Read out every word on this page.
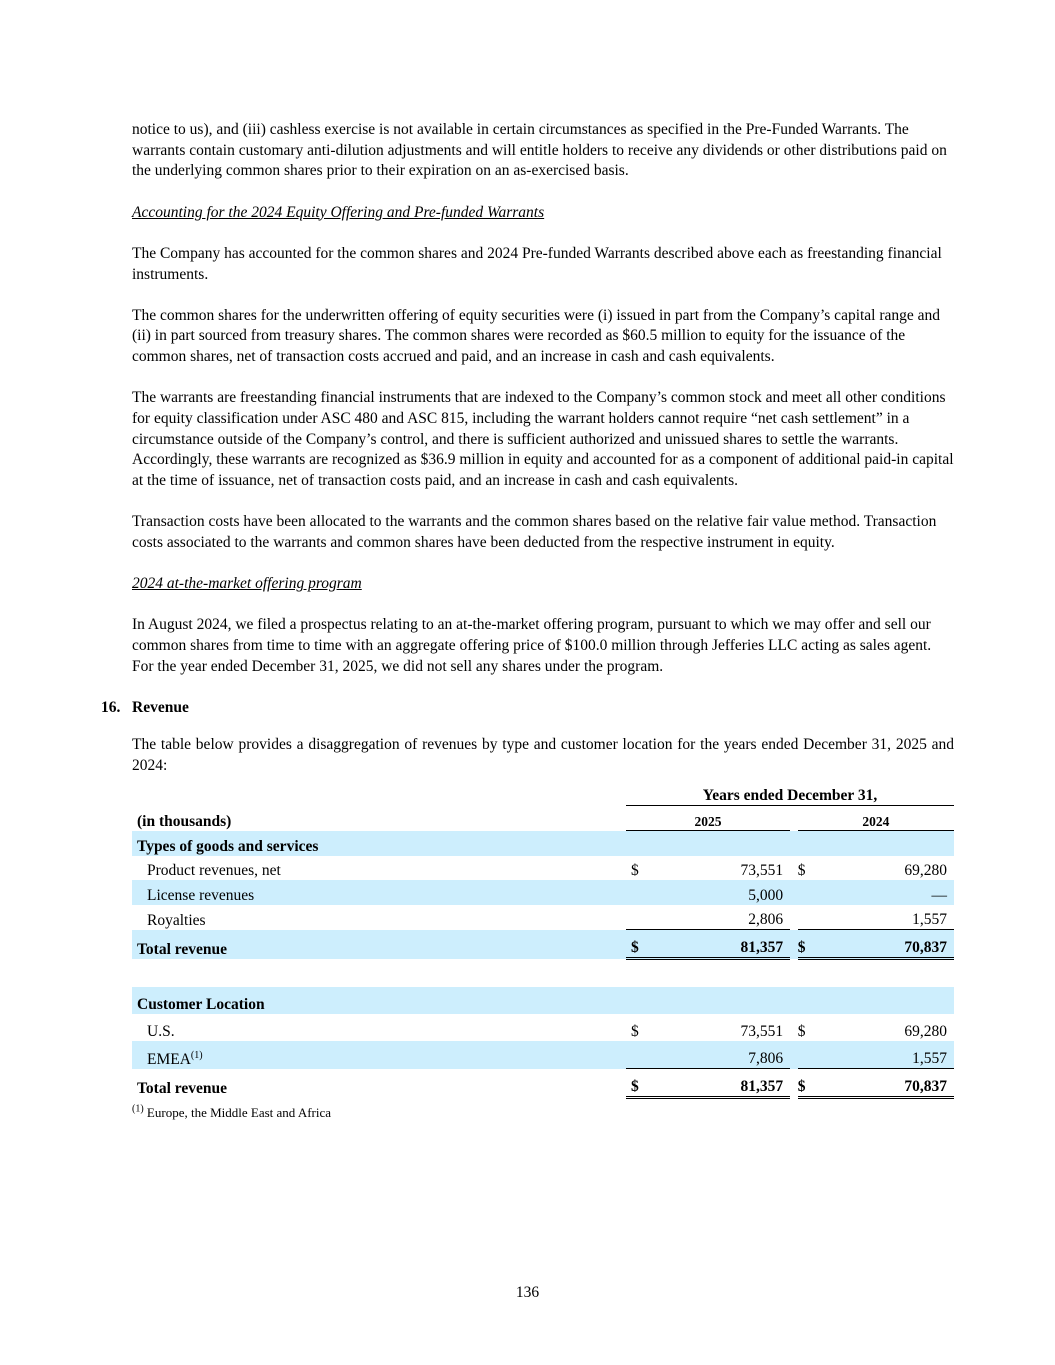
notice to us), and (iii) cashless exercise is not available in certain circumstances as specified in the Pre-Funded Warrants. The warrants contain customary anti-dilution adjustments and will entitle holders to receive any dividends or other distributions paid on the underlying common shares prior to their expiration on an as-exercised basis.

Accounting for the 2024 Equity Offering and Pre-funded Warrants

The Company has accounted for the common shares and 2024 Pre-funded Warrants described above each as freestanding financial instruments.

The common shares for the underwritten offering of equity securities were (i) issued in part from the Company’s capital range and (ii) in part sourced from treasury shares. The common shares were recorded as $60.5 million to equity for the issuance of the common shares, net of transaction costs accrued and paid, and an increase in cash and cash equivalents.

The warrants are freestanding financial instruments that are indexed to the Company’s common stock and meet all other conditions for equity classification under ASC 480 and ASC 815, including the warrant holders cannot require “net cash settlement” in a circumstance outside of the Company’s control, and there is sufficient authorized and unissued shares to settle the warrants. Accordingly, these warrants are recognized as $36.9 million in equity and accounted for as a component of additional paid-in capital at the time of issuance, net of transaction costs paid, and an increase in cash and cash equivalents.

Transaction costs have been allocated to the warrants and the common shares based on the relative fair value method. Transaction costs associated to the warrants and common shares have been deducted from the respective instrument in equity.

2024 at-the-market offering program

In August 2024, we filed a prospectus relating to an at-the-market offering program, pursuant to which we may offer and sell our common shares from time to time with an aggregate offering price of $100.0 million through Jefferies LLC acting as sales agent. For the year ended December 31, 2025, we did not sell any shares under the program.

16. Revenue

The table below provides a disaggregation of revenues by type and customer location for the years ended December 31, 2025 and 2024:

	Years ended December 31,				
(in thousands)	2025			2024	
Types of goods and services					
Product revenues, net	$	73,551		$	69,280
License revenues		5,000			—
Royalties		2,806			1,557
Total revenue	$	81,357		$	70,837

Customer Location					
U.S.	$	73,551		$	69,280
EMEA$^{(1)}$		7,806			1,557
Total revenue	$	81,357		$	70,837
$^{(1)}$ Europe, the Middle East and Africa
136
